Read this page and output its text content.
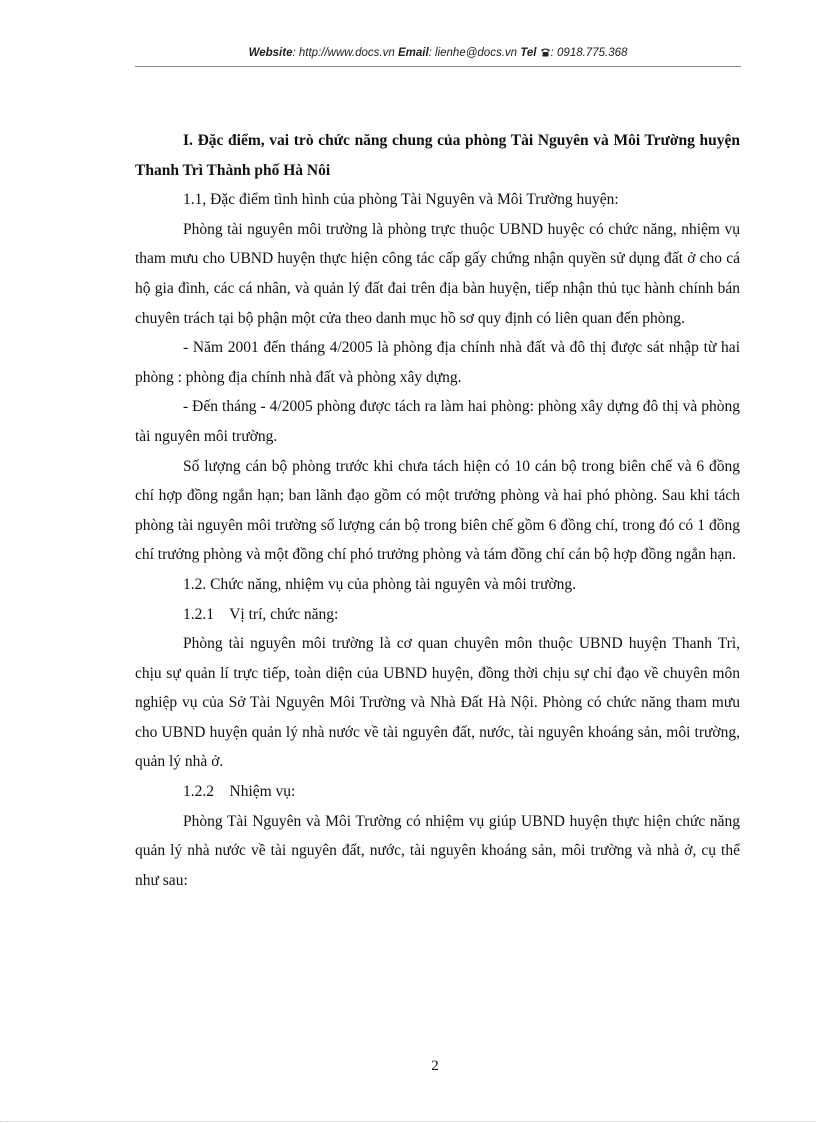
Website: http://www.docs.vn Email: lienhe@docs.vn Tel : 0918.775.368

I. Đặc điểm, vai trò chức năng chung của phòng Tài Nguyên và Môi Trường huyện Thanh Trì Thành phố Hà Nôi

1.1, Đặc điểm tình hình của phòng Tài Nguyên và Môi Trường huyện:

Phòng tài nguyên môi trường là phòng trực thuộc UBND huyệc có chức năng, nhiệm vụ tham mưu cho UBND huyện thực hiện công tác cấp gấy chứng nhận quyền sử dụng đất ở cho cá hộ gia đình, các cá nhân, và quản lý đất đai trên địa bàn huyện, tiếp nhận thủ tục hành chính bán chuyên trách tại bộ phận một cửa theo danh mục hồ sơ quy định có liên quan đến phòng.

- Năm 2001 đến tháng 4/2005 là phòng địa chính nhà đất và đô thị được sát nhập từ hai phòng : phòng địa chính nhà đất và phòng xây dựng.

- Đến tháng - 4/2005 phòng được tách ra làm hai phòng: phòng xây dựng đô thị và phòng tài nguyên môi trường.

Số lượng cán bộ phòng trước khi chưa tách hiện có 10 cán bộ trong biên chế và 6 đồng chí hợp đồng ngắn hạn; ban lãnh đạo gồm có một trưởng phòng và hai phó phòng. Sau khi tách phòng tài nguyên môi trường số lượng cán bộ trong biên chế gồm 6 đồng chí, trong đó có 1 đồng chí trưởng phòng và một đồng chí phó trưởng phòng và tám đồng chí cán bộ hợp đồng ngắn hạn.

1.2. Chức năng, nhiệm vụ của phòng tài nguyên và môi trường.

1.2.1    Vị trí, chức năng:

Phòng tài nguyên môi trường là cơ quan chuyên môn thuộc UBND huyện Thanh Trì, chịu sự quản lí trực tiếp, toàn diện của UBND huyện, đồng thời chịu sự chỉ đạo về chuyên môn nghiệp vụ của Sở Tài Nguyên Môi Trường và Nhà Đất Hà Nội. Phòng có chức năng tham mưu cho UBND huyện quản lý nhà nước về tài nguyên đất, nước, tài nguyên khoáng sản, môi trường, quản lý nhà ở.

1.2.2    Nhiệm vụ:

Phòng Tài Nguyên và Môi Trường có nhiệm vụ giúp UBND huyện thực hiện chức năng quản lý nhà nước về tài nguyên đất, nước, tài nguyên khoáng sản, môi trường và nhà ở, cụ thể như sau:

2
